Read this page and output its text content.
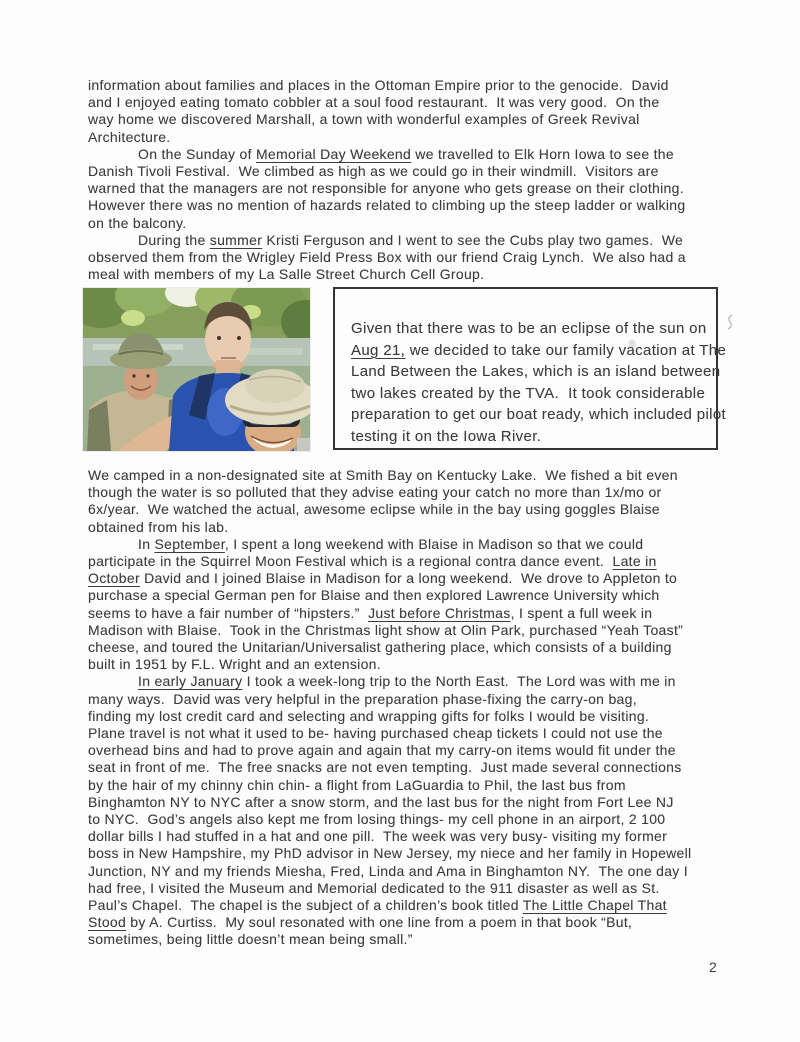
information about families and places in the Ottoman Empire prior to the genocide.  David
and I enjoyed eating tomato cobbler at a soul food restaurant.  It was very good.  On the
way home we discovered Marshall, a town with wonderful examples of Greek Revival
Architecture.
On the Sunday of Memorial Day Weekend we travelled to Elk Horn Iowa to see the
Danish Tivoli Festival.  We climbed as high as we could go in their windmill.  Visitors are
warned that the managers are not responsible for anyone who gets grease on their clothing.
However there was no mention of hazards related to climbing up the steep ladder or walking
on the balcony.
During the summer Kristi Ferguson and I went to see the Cubs play two games.  We
observed them from the Wrigley Field Press Box with our friend Craig Lynch.  We also had a
meal with members of my La Salle Street Church Cell Group.
Given that there was to be an eclipse of the sun on
Aug 21, we decided to take our family vacation at The
Land Between the Lakes, which is an island between
two lakes created by the TVA.  It took considerable
preparation to get our boat ready, which included pilot
testing it on the Iowa River.
We camped in a non-designated site at Smith Bay on Kentucky Lake.  We fished a bit even
though the water is so polluted that they advise eating your catch no more than 1x/mo or
6x/year.  We watched the actual, awesome eclipse while in the bay using goggles Blaise
obtained from his lab.
In September, I spent a long weekend with Blaise in Madison so that we could
participate in the Squirrel Moon Festival which is a regional contra dance event.  Late in
October David and I joined Blaise in Madison for a long weekend.  We drove to Appleton to
purchase a special German pen for Blaise and then explored Lawrence University which
seems to have a fair number of “hipsters.”  Just before Christmas, I spent a full week in
Madison with Blaise.  Took in the Christmas light show at Olin Park, purchased “Yeah Toast”
cheese, and toured the Unitarian/Universalist gathering place, which consists of a building
built in 1951 by F.L. Wright and an extension.
In early January I took a week-long trip to the North East.  The Lord was with me in
many ways.  David was very helpful in the preparation phase-fixing the carry-on bag,
finding my lost credit card and selecting and wrapping gifts for folks I would be visiting.
Plane travel is not what it used to be- having purchased cheap tickets I could not use the
overhead bins and had to prove again and again that my carry-on items would fit under the
seat in front of me.  The free snacks are not even tempting.  Just made several connections
by the hair of my chinny chin chin- a flight from LaGuardia to Phil, the last bus from
Binghamton NY to NYC after a snow storm, and the last bus for the night from Fort Lee NJ
to NYC.  God’s angels also kept me from losing things- my cell phone in an airport, 2 100
dollar bills I had stuffed in a hat and one pill.  The week was very busy- visiting my former
boss in New Hampshire, my PhD advisor in New Jersey, my niece and her family in Hopewell
Junction, NY and my friends Miesha, Fred, Linda and Ama in Binghamton NY.  The one day I
had free, I visited the Museum and Memorial dedicated to the 911 disaster as well as St.
Paul’s Chapel.  The chapel is the subject of a children’s book titled The Little Chapel That
Stood by A. Curtiss.  My soul resonated with one line from a poem in that book “But,
sometimes, being little doesn’t mean being small.”
2
